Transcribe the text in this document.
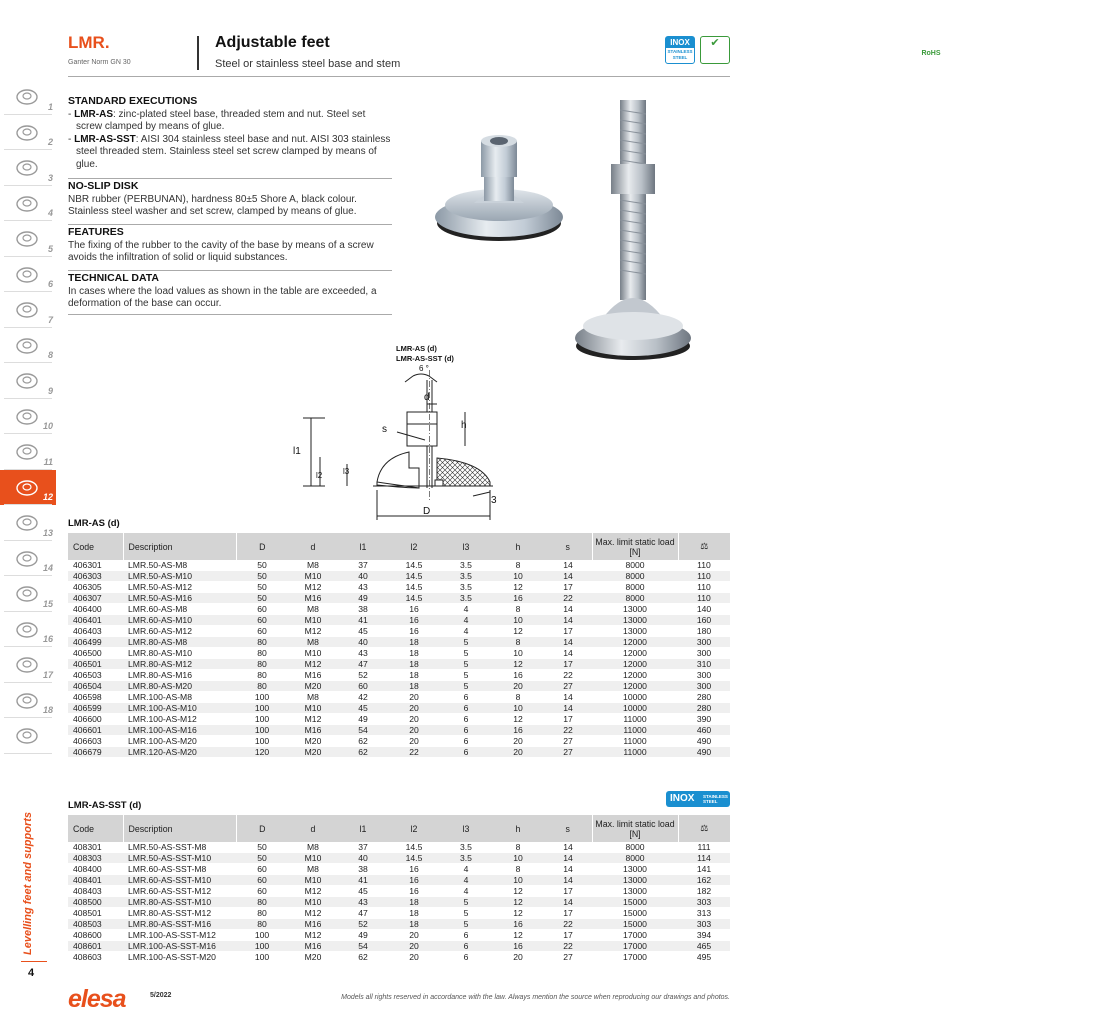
LMR.
Ganter Norm GN 30
Adjustable feet
Steel or stainless steel base and stem
INOX
STAINLESS STEEL
✔
RoHS
1
2
3
4
5
6
7
8
9
10
11
12
13
14
15
16
17
18
Levelling feet and supports
4
STANDARD EXECUTIONS
- LMR-AS: zinc-plated steel base, threaded stem and nut. Steel set screw clamped by means of glue.
- LMR-AS-SST: AISI 304 stainless steel base and nut. AISI 303 stainless steel threaded stem. Stainless steel set screw clamped by means of glue.
NO-SLIP DISK
NBR rubber (PERBUNAN), hardness 80±5 Shore A, black colour. Stainless steel washer and set screw, clamped by means of glue.
FEATURES
The fixing of the rubber to the cavity of the base by means of a screw avoids the infiltration of solid or liquid substances.
TECHNICAL DATA
In cases where the load values as shown in the table are exceeded, a deformation of the base can occur.
LMR-AS (d)
LMR-AS-SST (d)
6 °
d
h
s
l1
l2	l3
D
3
LMR-AS (d)
Code	Description	D	d	l1	l2	l3	h	s	Max. limit static load [N]	⚖
406301	LMR.50-AS-M8	50	M8	37	14.5	3.5	8	14	8000	110
406303	LMR.50-AS-M10	50	M10	40	14.5	3.5	10	14	8000	110
406305	LMR.50-AS-M12	50	M12	43	14.5	3.5	12	17	8000	110
406307	LMR.50-AS-M16	50	M16	49	14.5	3.5	16	22	8000	110
406400	LMR.60-AS-M8	60	M8	38	16	4	8	14	13000	140
406401	LMR.60-AS-M10	60	M10	41	16	4	10	14	13000	160
406403	LMR.60-AS-M12	60	M12	45	16	4	12	17	13000	180
406499	LMR.80-AS-M8	80	M8	40	18	5	8	14	12000	300
406500	LMR.80-AS-M10	80	M10	43	18	5	10	14	12000	300
406501	LMR.80-AS-M12	80	M12	47	18	5	12	17	12000	310
406503	LMR.80-AS-M16	80	M16	52	18	5	16	22	12000	300
406504	LMR.80-AS-M20	80	M20	60	18	5	20	27	12000	300
406598	LMR.100-AS-M8	100	M8	42	20	6	8	14	10000	280
406599	LMR.100-AS-M10	100	M10	45	20	6	10	14	10000	280
406600	LMR.100-AS-M12	100	M12	49	20	6	12	17	11000	390
406601	LMR.100-AS-M16	100	M16	54	20	6	16	22	11000	460
406603	LMR.100-AS-M20	100	M20	62	20	6	20	27	11000	490
406679	LMR.120-AS-M20	120	M20	62	22	6	20	27	11000	490
LMR-AS-SST (d)
INOX STAINLESS STEEL
Code	Description	D	d	l1	l2	l3	h	s	Max. limit static load [N]	⚖
408301	LMR.50-AS-SST-M8	50	M8	37	14.5	3.5	8	14	8000	111
408303	LMR.50-AS-SST-M10	50	M10	40	14.5	3.5	10	14	8000	114
408400	LMR.60-AS-SST-M8	60	M8	38	16	4	8	14	13000	141
408401	LMR.60-AS-SST-M10	60	M10	41	16	4	10	14	13000	162
408403	LMR.60-AS-SST-M12	60	M12	45	16	4	12	17	13000	182
408500	LMR.80-AS-SST-M10	80	M10	43	18	5	12	14	15000	303
408501	LMR.80-AS-SST-M12	80	M12	47	18	5	12	17	15000	313
408503	LMR.80-AS-SST-M16	80	M16	52	18	5	16	22	15000	303
408600	LMR.100-AS-SST-M12	100	M12	49	20	6	12	17	17000	394
408601	LMR.100-AS-SST-M16	100	M16	54	20	6	16	22	17000	465
408603	LMR.100-AS-SST-M20	100	M20	62	20	6	20	27	17000	495
elesa	5/2022	Models all rights reserved in accordance with the law. Always mention the source when reproducing our drawings and photos.
